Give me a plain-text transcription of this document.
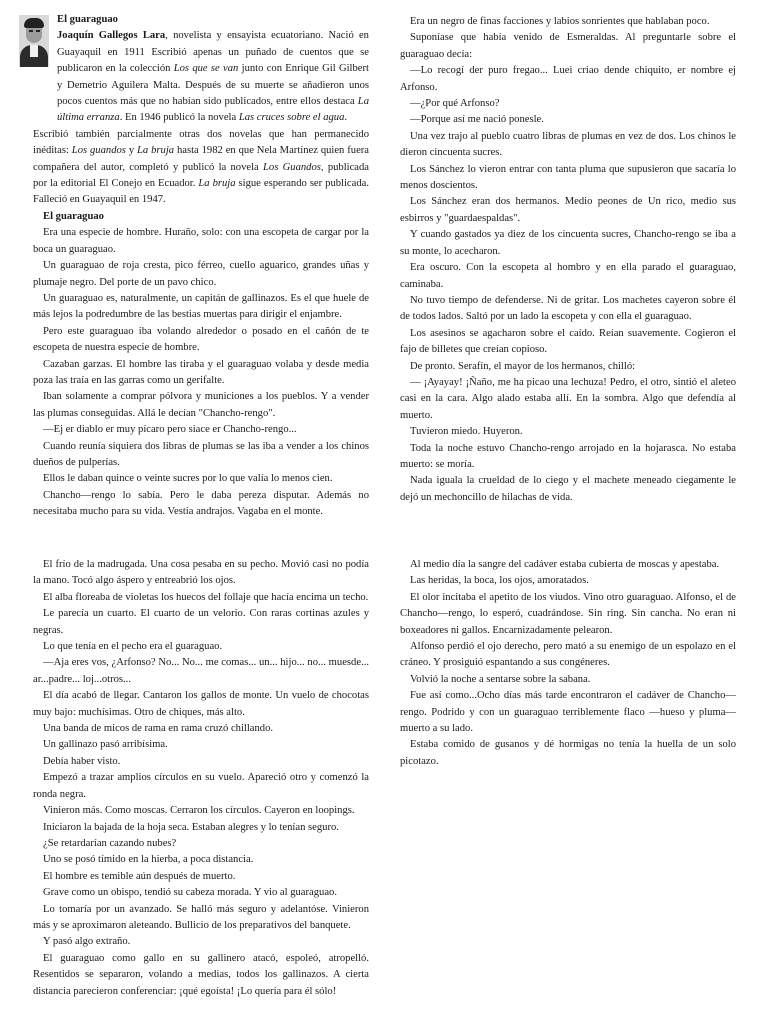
El guaraguao

Joaquín Gallegos Lara, novelista y ensayista ecuatoriano. Nació en Guayaquil en 1911 Escribió apenas un puñado de cuentos que se publicaron en la colección Los que se van junto con Enrique Gil Gilbert y Demetrio Aguilera Malta. Después de su muerte se añadieron unos pocos cuentos más que no habían sido publicados, entre ellos destaca La última erranza. En 1946 publicó la novela Las cruces sobre el agua.

Escribió también parcialmente otras dos novelas que han permanecido inéditas: Los guandos y La bruja hasta 1982 en que Nela Martínez quien fuera compañera del autor, completó y publicó la novela Los Guandos, publicada por la editorial El Conejo en Ecuador. La bruja sigue esperando ser publicada. Falleció en Guayaquil en 1947.

El guaraguao

Era una especie de hombre. Huraño, solo: con una escopeta de cargar por la boca un guaraguao.

Un guaraguao de roja cresta, pico férreo, cuello aguarico, grandes uñas y plumaje negro. Del porte de un pavo chico.

Un guaraguao es, naturalmente, un capitán de gallinazos. Es el que huele de más lejos la podredumbre de las bestias muertas para dirigir el enjambre.

Pero este guaraguao iba volando alrededor o posado en el cañón de te escopeta de nuestra especie de hombre.

Cazaban garzas. El hombre las tiraba y el guaraguao volaba y desde media poza las traía en las garras como un gerifalte.

Iban solamente a comprar pólvora y municiones a los pueblos. Y a vender las plumas conseguidas. Allá le decían "Chancho-rengo".

—Ej er diablo er muy pícaro pero siace er Chancho-rengo...

Cuando reunía siquiera dos libras de plumas se las iba a vender a los chinos dueños de pulperías.

Ellos le daban quince o veinte sucres por lo que valía lo menos cien.

Chancho—rengo lo sabía. Pero le daba pereza disputar. Además no necesitaba mucho para su vida. Vestía andrajos. Vagaba en el monte.

Era un negro de finas facciones y labios sonrientes que hablaban poco.

Suponíase que había venido de Esmeraldas. Al preguntarle sobre el guaraguao decía:

—Lo recogí der puro fregao... Luei criao dende chiquito, er nombre ej Arfonso.

—¿Por qué Arfonso?

—Porque así me nació ponesle.

Una vez trajo al pueblo cuatro libras de plumas en vez de dos. Los chinos le dieron cincuenta sucres.

Los Sánchez lo vieron entrar con tanta pluma que supusieron que sacaría lo menos doscientos.

Los Sánchez eran dos hermanos. Medio peones de Un rico, medio sus esbirros y "guardaespaldas".

Y cuando gastados ya diez de los cincuenta sucres, Chancho-rengo se iba a su monte, lo acecharon.

Era oscuro. Con la escopeta al hombro y en ella parado el guaraguao, caminaba.

No tuvo tiempo de defenderse. Ni de gritar. Los machetes cayeron sobre él de todos lados. Saltó por un lado la escopeta y con ella el guaraguao.

Los asesinos se agacharon sobre el caído. Reían suavemente. Cogieron el fajo de billetes que creían copioso.

De pronto. Serafín, el mayor de los hermanos, chilló:

— ¡Ayayay! ¡Ñaño, me ha picao una lechuza! Pedro, el otro, sintió el aleteo casi en la cara. Algo alado estaba allí. En la sombra. Algo que defendía al muerto.

Tuvieron miedo. Huyeron.

Toda la noche estuvo Chancho-rengo arrojado en la hojarasca. No estaba muerto: se moría.

Nada iguala la crueldad de lo ciego y el machete meneado ciegamente le dejó un mechoncillo de hilachas de vida.

El frío de la madrugada. Una cosa pesaba en su pecho. Movió casi no podía la mano. Tocó algo áspero y entreabrió los ojos.

El alba floreaba de violetas los huecos del follaje que hacía encima un techo.

Le parecía un cuarto. El cuarto de un velorio. Con raras cortinas azules y negras.

Lo que tenía en el pecho era el guaraguao.

—Aja eres vos, ¿Arfonso? No... No... me comas... un... hijo... no... muesde... ar...padre... loj...otros...

El día acabó de llegar. Cantaron los gallos de monte. Un vuelo de chocotas muy bajo: muchísimas. Otro de chiques, más alto.

Una banda de micos de rama en rama cruzó chillando.

Un gallinazo pasó arribísima.

Debía haber visto.

Empezó a trazar amplios círculos en su vuelo. Apareció otro y comenzó la ronda negra.

Vinieron más. Como moscas. Cerraron los círculos. Cayeron en loopings.

Iniciaron la bajada de la hoja seca. Estaban alegres y lo tenían seguro.

¿Se retardarían cazando nubes?

Uno se posó tímido en la hierba, a poca distancia.

El hombre es temible aún después de muerto.

Grave como un obispo, tendió su cabeza morada. Y vio al guaraguao.

Lo tomaría por un avanzado. Se halló más seguro y adelantóse. Vinieron más y se aproximaron aleteando. Bullicio de los preparativos del banquete.

Y pasó algo extraño.

El guaraguao como gallo en su gallinero atacó, espoleó, atropelló. Resentidos se separaron, volando a medias, todos los gallinazos. A cierta distancia parecieron conferenciar: ¡qué egoísta! ¡Lo quería para él sólo!

Al medio día la sangre del cadáver estaba cubierta de moscas y apestaba.

Las heridas, la boca, los ojos, amoratados.

El olor incitaba el apetito de los viudos. Vino otro guaraguao. Alfonso, el de Chancho—rengo, lo esperó, cuadrándose. Sin ring. Sin cancha. No eran ni boxeadores ni gallos. Encarnizadamente pelearon.

Alfonso perdió el ojo derecho, pero mató a su enemigo de un espolazo en el cráneo. Y prosiguió espantando a sus congéneres.

Volvió la noche a sentarse sobre la sabana.

Fue así como...Ocho días más tarde encontraron el cadáver de Chancho—rengo. Podrido y con un guaraguao terriblemente flaco —hueso y pluma— muerto a su lado.

Estaba comido de gusanos y dé hormigas no tenía la huella de un solo picotazo.
